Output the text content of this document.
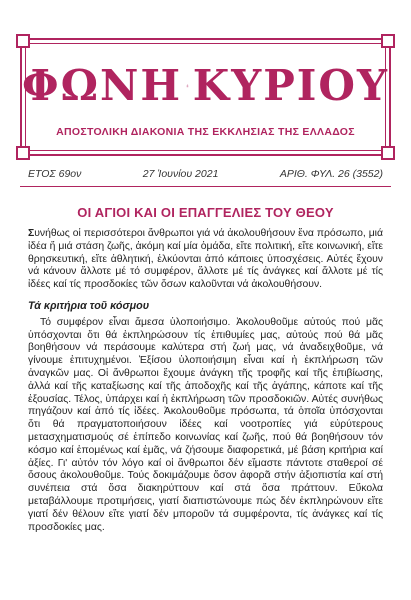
ΦΩΝΗ Α Ω ΚΥΡΙΟΥ
ΑΠΟΣΤΟΛΙΚΗ ΔΙΑΚΟΝΙΑ ΤΗΣ ΕΚΚΛΗΣΙΑΣ ΤΗΣ ΕΛΛΑΔΟΣ
ΕΤΟΣ 69ον	27 Ἰουνίου 2021	ΑΡΙΘ. ΦΥΛ. 26 (3552)
ΟΙ ΑΓΙΟΙ ΚΑΙ ΟΙ ΕΠΑΓΓΕΛΙΕΣ ΤΟΥ ΘΕΟΥ

Συνήθως οἱ περισσότεροι ἄνθρωποι γιά νά ἀκολουθήσουν ἕνα πρόσωπο, μιά ἰδέα ἤ μιά στάση ζωῆς, ἀκόμη καί μία ὁμάδα, εἴτε πολιτική, εἴτε κοινωνική, εἴτε θρησκευτική, εἴτε ἀθλητική, ἑλκύονται ἀπό κάποιες ὑποσχέσεις. Αὐτές ἔχουν νά κάνουν ἄλλοτε μέ τό συμφέρον, ἄλλοτε μέ τίς ἀνάγκες καί ἄλλοτε μέ τίς ἰδέες καί τίς προσδοκίες τῶν ὅσων καλοῦνται νά ἀκολουθήσουν.

Τά κριτήρια τοῦ κόσμου

Τό συμφέρον εἶναι ἄμεσα ὑλοποιήσιμο. Ἀκολουθοῦμε αὐτούς πού μᾶς ὑπόσχονται ὅτι θά ἐκπληρώσουν τίς ἐπιθυμίες μας, αὐτούς πού θά μᾶς βοηθήσουν νά περάσουμε καλύτερα στή ζωή μας, νά ἀναδειχθοῦμε, νά γίνουμε ἐπιτυχημένοι. Ἐξίσου ὑλοποιήσιμη εἶναι καί ἡ ἐκπλήρωση τῶν ἀναγκῶν μας. Οἱ ἄνθρωποι ἔχουμε ἀνάγκη τῆς τροφῆς καί τῆς ἐπιβίωσης, ἀλλά καί τῆς καταξίωσης καί τῆς ἀποδοχῆς καί τῆς ἀγάπης, κάποτε καί τῆς ἐξουσίας. Τέλος, ὑπάρχει καί ἡ ἐκπλήρωση τῶν προσδοκιῶν. Αὐτές συνήθως πηγάζουν καί ἀπό τίς ἰδέες. Ἀκολουθοῦμε πρόσωπα, τά ὁποῖα ὑπόσχονται ὅτι θά πραγματοποιήσουν ἰδέες καί νοοτροπίες γιά εὐρύτερους μετασχηματισμούς σέ ἐπίπεδο κοινωνίας καί ζωῆς, πού θά βοηθήσουν τόν κόσμο καί ἑπομένως καί ἐμᾶς, νά ζήσουμε διαφορετικά, μέ βάση κριτήρια καί ἀξίες. Γι' αὐτόν τόν λόγο καί οἱ ἄνθρωποι δέν εἴμαστε πάντοτε σταθεροί σέ ὅσους ἀκολουθοῦμε. Τούς δοκιμάζουμε ὅσον ἀφορᾶ στήν ἀξιοπιστία καί στή συνέπεια στά ὅσα διακηρύττουν καί στά ὅσα πράττουν. Εὔκολα μεταβάλλουμε προτιμήσεις, γιατί διαπιστώνουμε πώς δέν ἐκπληρώνουν εἴτε γιατί δέν θέλουν εἴτε γιατί δέν μποροῦν τά συμφέροντα, τίς ἀνάγκες καί τίς προσδοκίες μας.
